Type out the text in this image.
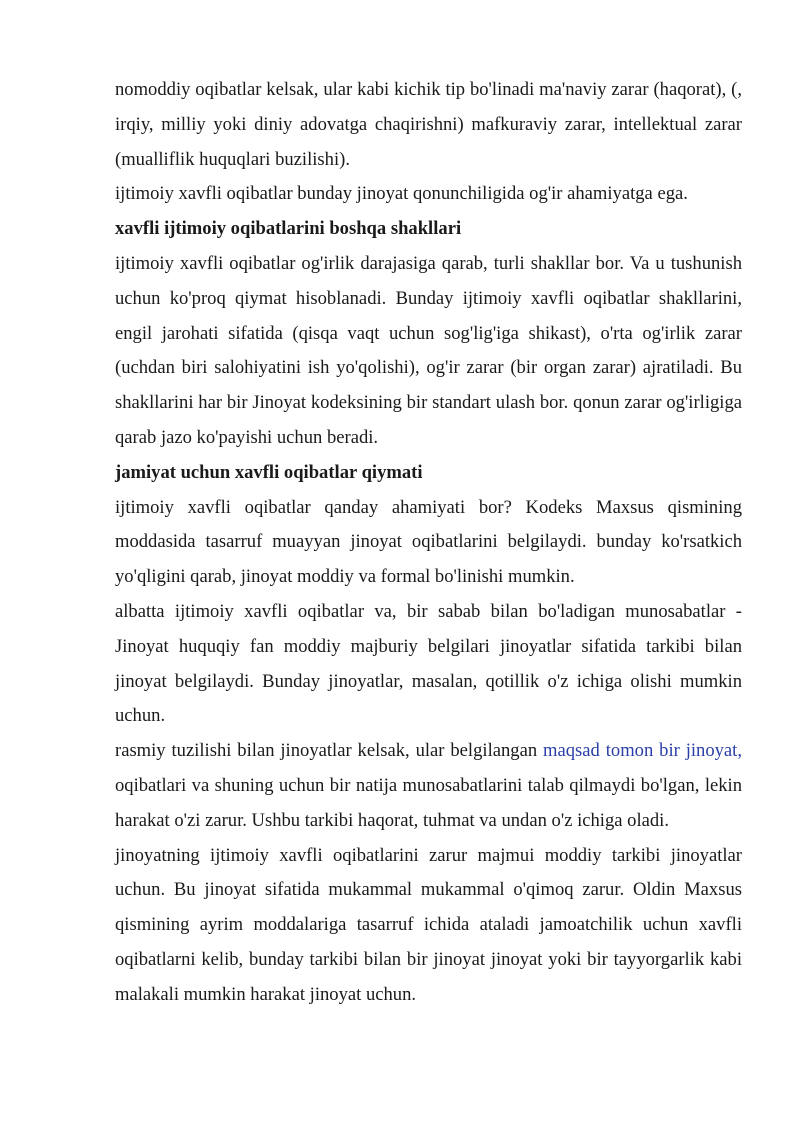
nomoddiy oqibatlar kelsak, ular kabi kichik tip bo'linadi ma'naviy zarar (haqorat), (, irqiy, milliy yoki diniy adovatga chaqirishni) mafkuraviy zarar, intellektual zarar (mualliflik huquqlari buzilishi).

ijtimoiy xavfli oqibatlar bunday jinoyat qonunchiligida og'ir ahamiyatga ega.

xavfli ijtimoiy oqibatlarini boshqa shakllari

ijtimoiy xavfli oqibatlar og'irlik darajasiga qarab, turli shakllar bor. Va u tushunish uchun ko'proq qiymat hisoblanadi. Bunday ijtimoiy xavfli oqibatlar shakllarini, engil jarohati sifatida (qisqa vaqt uchun sog'lig'iga shikast), o'rta og'irlik zarar (uchdan biri salohiyatini ish yo'qolishi), og'ir zarar (bir organ zarar) ajratiladi. Bu shakllarini har bir Jinoyat kodeksining bir standart ulash bor. qonun zarar og'irligiga qarab jazo ko'payishi uchun beradi.

jamiyat uchun xavfli oqibatlar qiymati

ijtimoiy xavfli oqibatlar qanday ahamiyati bor? Kodeks Maxsus qismining moddasida tasarruf muayyan jinoyat oqibatlarini belgilaydi. bunday ko'rsatkich yo'qligini qarab, jinoyat moddiy va formal bo'linishi mumkin.

albatta ijtimoiy xavfli oqibatlar va, bir sabab bilan bo'ladigan munosabatlar - Jinoyat huquqiy fan moddiy majburiy belgilari jinoyatlar sifatida tarkibi bilan jinoyat belgilaydi. Bunday jinoyatlar, masalan, qotillik o'z ichiga olishi mumkin uchun.

rasmiy tuzilishi bilan jinoyatlar kelsak, ular belgilangan maqsad tomon bir jinoyat, oqibatlari va shuning uchun bir natija munosabatlarini talab qilmaydi bo'lgan, lekin harakat o'zi zarur. Ushbu tarkibi haqorat, tuhmat va undan o'z ichiga oladi.

jinoyatning ijtimoiy xavfli oqibatlarini zarur majmui moddiy tarkibi jinoyatlar uchun. Bu jinoyat sifatida mukammal mukammal o'qimoq zarur. Oldin Maxsus qismining ayrim moddalariga tasarruf ichida ataladi jamoatchilik uchun xavfli oqibatlarni kelib, bunday tarkibi bilan bir jinoyat jinoyat yoki bir tayyorgarlik kabi malakali mumkin harakat jinoyat uchun.
